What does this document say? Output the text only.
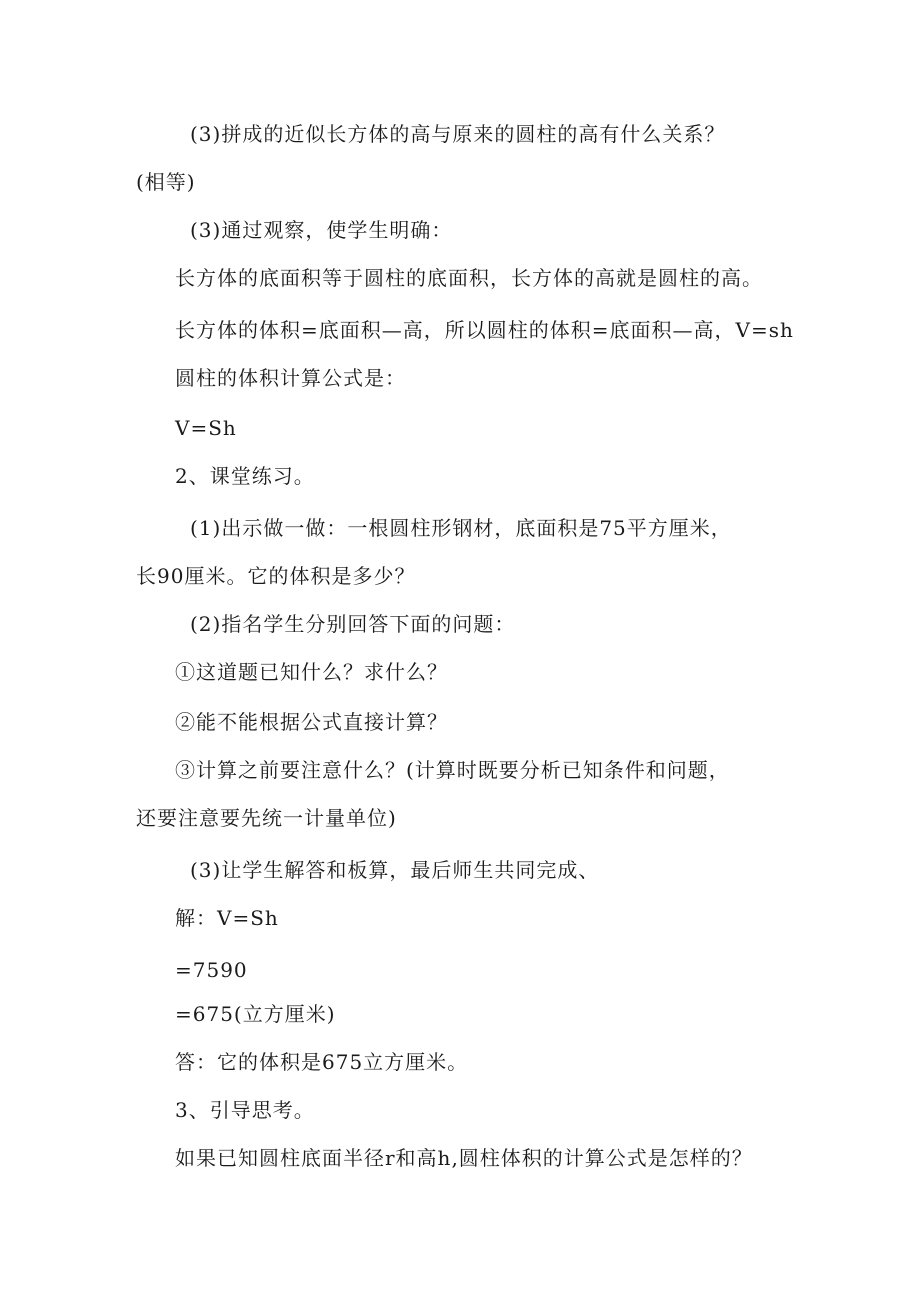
(3)拼成的近似长方体的高与原来的圆柱的高有什么关系？
(相等)
(3)通过观察，使学生明确：
长方体的底面积等于圆柱的底面积，长方体的高就是圆柱的高。
长方体的体积=底面积—高，所以圆柱的体积=底面积—高，V=sh
圆柱的体积计算公式是：
V=Sh
2、课堂练习。
(1)出示做一做：一根圆柱形钢材，底面积是75平方厘米，
长90厘米。它的体积是多少？
(2)指名学生分别回答下面的问题：
①这道题已知什么？求什么？
②能不能根据公式直接计算？
③计算之前要注意什么？(计算时既要分析已知条件和问题，
还要注意要先统一计量单位)
(3)让学生解答和板算，最后师生共同完成、
解：V=Sh
=7590
=675(立方厘米)
答：它的体积是675立方厘米。
3、引导思考。
如果已知圆柱底面半径r和高h,圆柱体积的计算公式是怎样的？
